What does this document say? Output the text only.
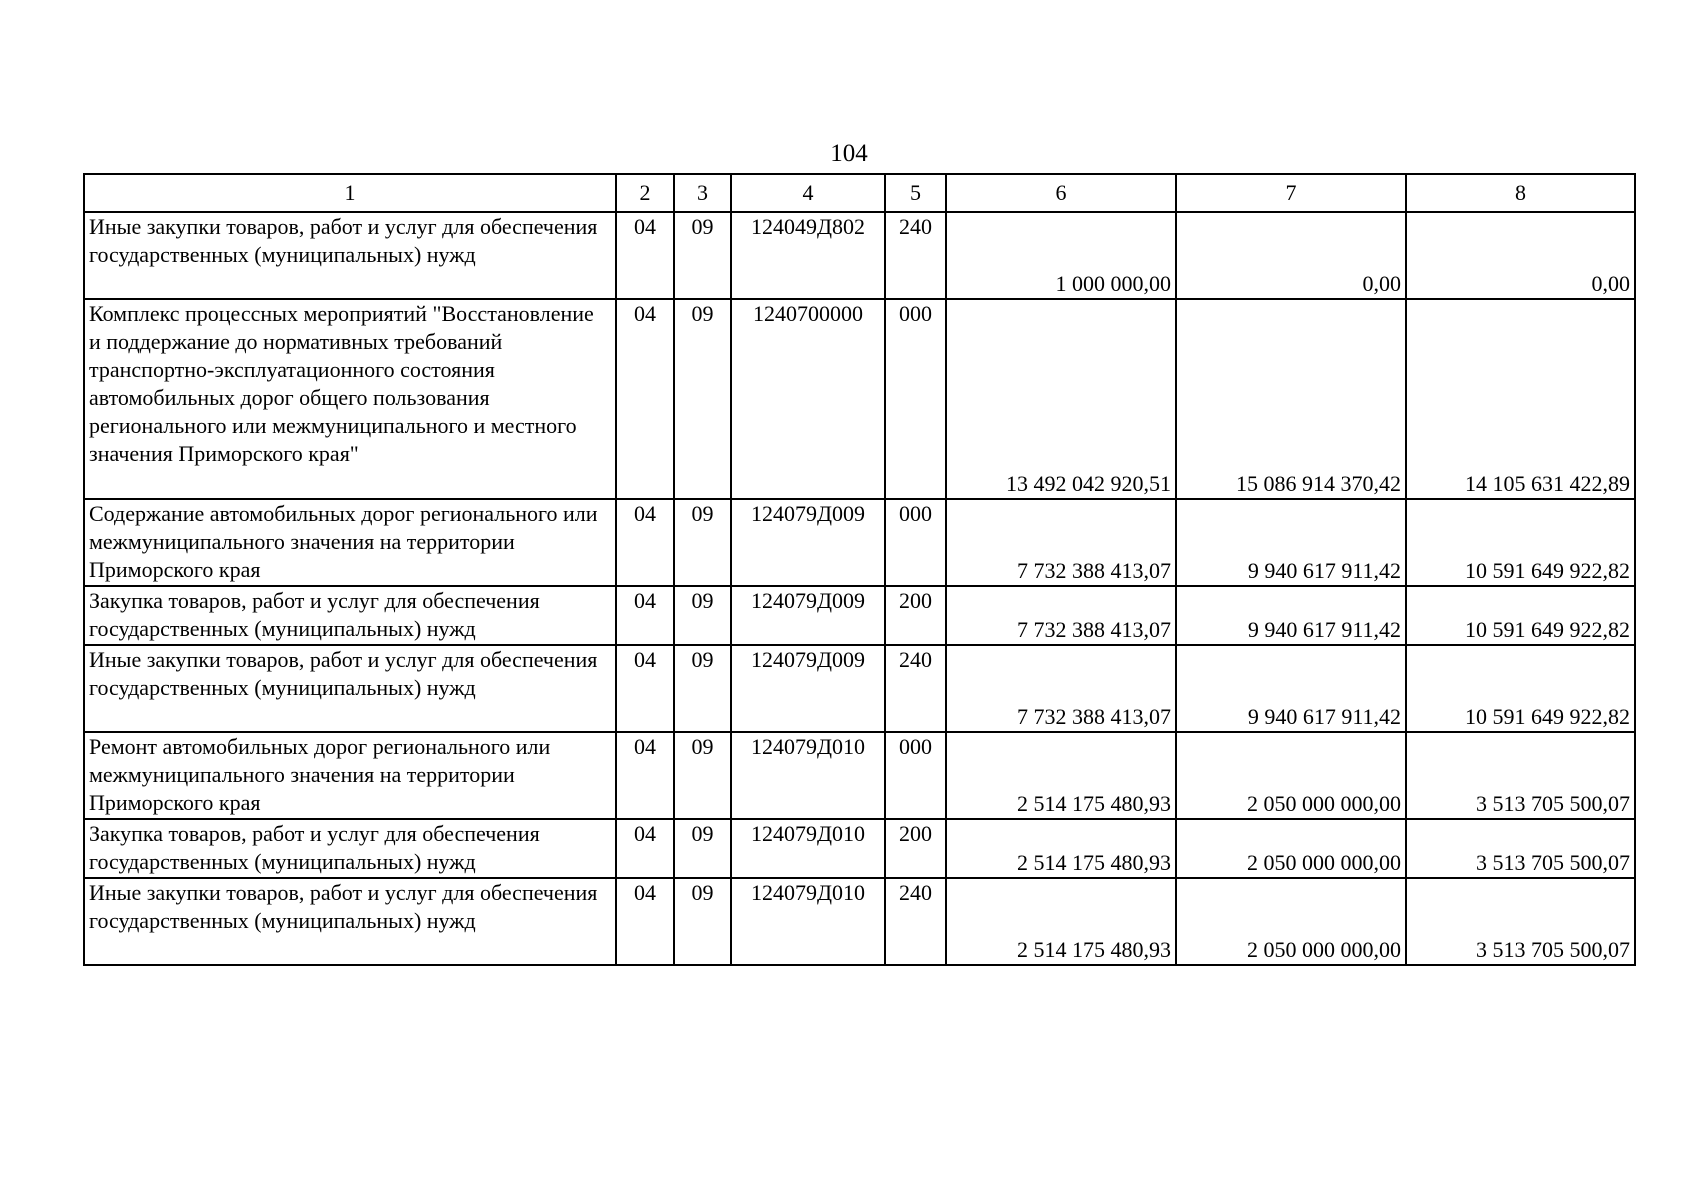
104
1	2	3	4	5	6	7	8
Иные закупки товаров, работ и услуг для обеспечения государственных (муниципальных) нужд	04	09	124049Д802	240	1 000 000,00	0,00	0,00
Комплекс процессных мероприятий "Восстановление и поддержание до нормативных требований транспортно-эксплуатационного состояния автомобильных дорог общего пользования регионального или межмуниципального и местного значения Приморского края"	04	09	1240700000	000	13 492 042 920,51	15 086 914 370,42	14 105 631 422,89
Содержание автомобильных дорог регионального или межмуниципального значения на территории Приморского края	04	09	124079Д009	000	7 732 388 413,07	9 940 617 911,42	10 591 649 922,82
Закупка товаров, работ и услуг для обеспечения государственных (муниципальных) нужд	04	09	124079Д009	200	7 732 388 413,07	9 940 617 911,42	10 591 649 922,82
Иные закупки товаров, работ и услуг для обеспечения государственных (муниципальных) нужд	04	09	124079Д009	240	7 732 388 413,07	9 940 617 911,42	10 591 649 922,82
Ремонт автомобильных дорог регионального или межмуниципального значения на территории Приморского края	04	09	124079Д010	000	2 514 175 480,93	2 050 000 000,00	3 513 705 500,07
Закупка товаров, работ и услуг для обеспечения государственных (муниципальных) нужд	04	09	124079Д010	200	2 514 175 480,93	2 050 000 000,00	3 513 705 500,07
Иные закупки товаров, работ и услуг для обеспечения государственных (муниципальных) нужд	04	09	124079Д010	240	2 514 175 480,93	2 050 000 000,00	3 513 705 500,07
